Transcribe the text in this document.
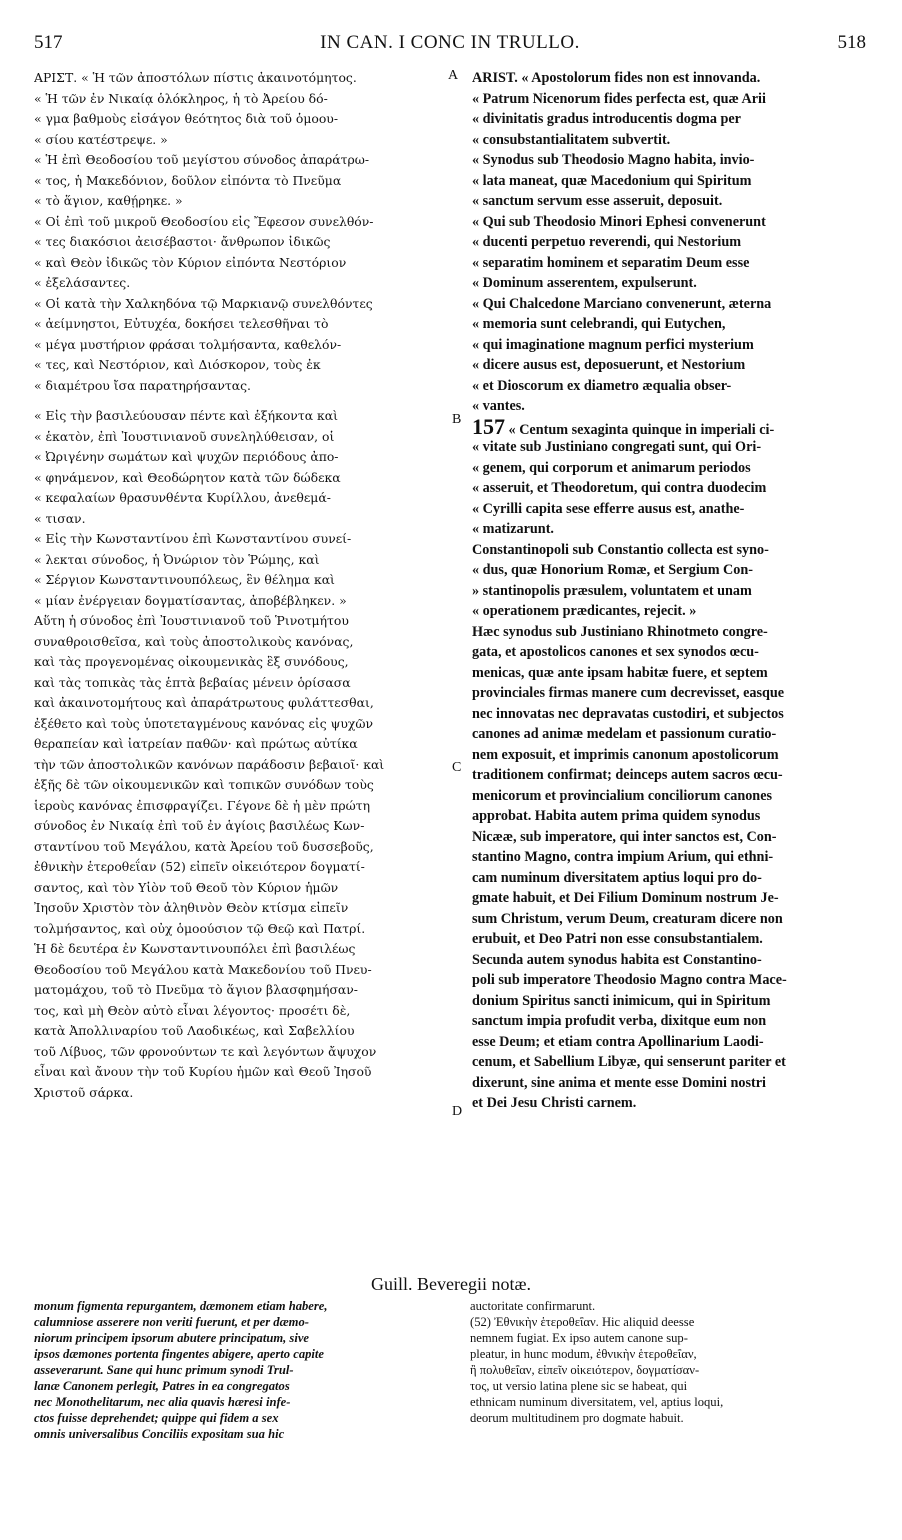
517	IN CAN. I CONC IN TRULLO.	518
A
B
C
D
ΑΡΙΣΤ. « Ἡ τῶν ἀποστόλων πίστις ἀκαινοτόμητος.
« Ἡ τῶν ἐν Νικαίᾳ ὁλόκληρος, ἡ τὸ Ἀρείου δό-
« γμα βαθμοὺς εἰσάγον θεότητος διὰ τοῦ ὁμοου-
« σίου κατέστρεψε. »
« Ἡ ἐπὶ Θεοδοσίου τοῦ μεγίστου σύνοδος ἀπαράτρω-
« τος, ἡ Μακεδόνιον, δοῦλον εἰπόντα τὸ Πνεῦμα
« τὸ ἅγιον, καθῄρηκε. »
« Οἱ ἐπὶ τοῦ μικροῦ Θεοδοσίου εἰς Ἔφεσον συνελθόν-
« τες διακόσιοι ἀεισέβαστοι· ἄνθρωπον ἰδικῶς
« καὶ Θεὸν ἰδικῶς τὸν Κύριον εἰπόντα Νεστόριον
« ἐξελάσαντες.
« Οἱ κατὰ τὴν Χαλκηδόνα τῷ Μαρκιανῷ συνελθόντες
« ἀείμνηστοι, Εὐτυχέα, δοκήσει τελεσθῆναι τὸ
« μέγα μυστήριον φράσαι τολμήσαντα, καθελόν-
« τες, καὶ Νεστόριον, καὶ Διόσκορον, τοὺς ἐκ
« διαμέτρου ἴσα παρατηρήσαντας.
« Εἰς τὴν βασιλεύουσαν πέντε καὶ ἑξήκοντα καὶ
« ἑκατὸν, ἐπὶ Ἰουστινιανοῦ συνεληλύθεισαν, οἱ
« Ὠριγένην σωμάτων καὶ ψυχῶν περιόδους ἀπο-
« φηνάμενον, καὶ Θεοδώρητον κατὰ τῶν δώδεκα
« κεφαλαίων θρασυνθέντα Κυρίλλου, ἀνεθεμά-
« τισαν.
« Εἰς τὴν Κωνσταντίνου ἐπὶ Κωνσταντίνου συνεί-
« λεκται σύνοδος, ἡ Ὀνώριον τὸν Ῥώμης, καὶ
« Σέργιον Κωνσταντινουπόλεως, ἓν θέλημα καὶ
« μίαν ἐνέργειαν δογματίσαντας, ἀποβέβληκεν. »
Αὕτη ἡ σύνοδος ἐπὶ Ἰουστινιανοῦ τοῦ Ῥινοτμήτου
συναθροισθεῖσα, καὶ τοὺς ἀποστολικοὺς κανόνας,
καὶ τὰς προγενομένας οἰκουμενικὰς ἓξ συνόδους,
καὶ τὰς τοπικὰς τὰς ἑπτὰ βεβαίας μένειν ὁρίσασα
καὶ ἀκαινοτομήτους καὶ ἀπαράτρωτους φυλάττεσθαι,
ἐξέθετο καὶ τοὺς ὑποτεταγμένους κανόνας εἰς ψυχῶν
θεραπείαν καὶ ἰατρείαν παθῶν· καὶ πρώτως αὐτίκα
τὴν τῶν ἀποστολικῶν κανόνων παράδοσιν βεβαιοῖ· καὶ
ἐξῆς δὲ τῶν οἰκουμενικῶν καὶ τοπικῶν συνόδων τοὺς
ἱεροὺς κανόνας ἐπισφραγίζει. Γέγονε δὲ ἡ μὲν πρώτη
σύνοδος ἐν Νικαίᾳ ἐπὶ τοῦ ἐν ἁγίοις βασιλέως Κων-
σταντίνου τοῦ Μεγάλου, κατὰ Ἀρείου τοῦ δυσσεβοῦς,
ἐθνικὴν ἑτεροθεΐαν (52) εἰπεῖν οἰκειότερον δογματί-
σαντος, καὶ τὸν Υἱὸν τοῦ Θεοῦ τὸν Κύριον ἡμῶν
Ἰησοῦν Χριστὸν τὸν ἀληθινὸν Θεὸν κτίσμα εἰπεῖν
τολμήσαντος, καὶ οὐχ ὁμοούσιον τῷ Θεῷ καὶ Πατρί.
Ἡ δὲ δευτέρα ἐν Κωνσταντινουπόλει ἐπὶ βασιλέως
Θεοδοσίου τοῦ Μεγάλου κατὰ Μακεδονίου τοῦ Πνευ-
ματομάχου, τοῦ τὸ Πνεῦμα τὸ ἅγιον βλασφημήσαν-
τος, καὶ μὴ Θεὸν αὐτὸ εἶναι λέγοντος· προσέτι δὲ,
κατὰ Ἀπολλιναρίου τοῦ Λαοδικέως, καὶ Σαβελλίου
τοῦ Λίβυος, τῶν φρονούντων τε καὶ λεγόντων ἄψυχον
εἶναι καὶ ἄνουν τὴν τοῦ Κυρίου ἡμῶν καὶ Θεοῦ Ἰησοῦ
Χριστοῦ σάρκα.
ARIST. « Apostolorum fides non est innovanda.
« Patrum Nicenorum fides perfecta est, quæ Arii
« divinitatis gradus introducentis dogma per
« consubstantialitatem subvertit.
« Synodus sub Theodosio Magno habita, invio-
« lata maneat, quæ Macedonium qui Spiritum
« sanctum servum esse asseruit, deposuit.
« Qui sub Theodosio Minori Ephesi convenerunt
« ducenti perpetuo reverendi, qui Nestorium
« separatim hominem et separatim Deum esse
« Dominum asserentem, expulserunt.
« Qui Chalcedone Marciano convenerunt, æterna
« memoria sunt celebrandi, qui Eutychen,
« qui imaginatione magnum perfici mysterium
« dicere ausus est, deposuerunt, et Nestorium
« et Dioscorum ex diametro æqualia obser-
« vantes.
157 « Centum sexaginta quinque in imperiali ci-
« vitate sub Justiniano congregati sunt, qui Ori-
« genem, qui corporum et animarum periodos
« asseruit, et Theodoretum, qui contra duodecim
« Cyrilli capita sese efferre ausus est, anathe-
« matizarunt.
Constantinopoli sub Constantio collecta est syno-
« dus, quæ Honorium Romæ, et Sergium Con-
» stantinopolis præsulem, voluntatem et unam
« operationem prædicantes, rejecit. »
Hæc synodus sub Justiniano Rhinotmeto congre-
gata, et apostolicos canones et sex synodos œcu-
menicas, quæ ante ipsam habitæ fuere, et septem
provinciales firmas manere cum decrevisset, easque
nec innovatas nec depravatas custodiri, et subjectos
canones ad animæ medelam et passionum curatio-
nem exposuit, et imprimis canonum apostolicorum
traditionem confirmat; deinceps autem sacros œcu-
menicorum et provincialium conciliorum canones
approbat. Habita autem prima quidem synodus
Nicææ, sub imperatore, qui inter sanctos est, Con-
stantino Magno, contra impium Arium, qui ethni-
cam numinum diversitatem aptius loqui pro do-
gmate habuit, et Dei Filium Dominum nostrum Je-
sum Christum, verum Deum, creaturam dicere non
erubuit, et Deo Patri non esse consubstantialem.
Secunda autem synodus habita est Constantino-
poli sub imperatore Theodosio Magno contra Mace-
donium Spiritus sancti inimicum, qui in Spiritum
sanctum impia profudit verba, dixitque eum non
esse Deum; et etiam contra Apollinarium Laodi-
cenum, et Sabellium Libyæ, qui senserunt pariter et
dixerunt, sine anima et mente esse Domini nostri
et Dei Jesu Christi carnem.
Guill. Beveregii notæ.
monum figmenta repurgantem, dæmonem etiam habere,
calumniose asserere non veriti fuerunt, et per dæmo-
niorum principem ipsorum abutere principatum, sive
ipsos dæmones portenta fingentes abigere, aperto capite
asseverarunt. Sane qui hunc primum synodi Trul-
lanæ Canonem perlegit, Patres in ea congregatos
nec Monothelitarum, nec alia quavis hæresi infe-
ctos fuisse deprehendet; quippe qui fidem a sex
omnis universalibus Conciliis expositam sua hic
auctoritate confirmarunt.
(52) Ἐθνικὴν ἑτεροθεΐαν. Hic aliquid deesse
nemnem fugiat. Ex ipso autem canone sup-
pleatur, in hunc modum, ἐθνικὴν ἑτεροθεΐαν,
ἢ πολυθεΐαν, εἰπεῖν οἰκειότερον, δογματίσαν-
τος, ut versio latina plene sic se habeat, qui
ethnicam numinum diversitatem, vel, aptius loqui,
deorum multitudinem pro dogmate habuit.
